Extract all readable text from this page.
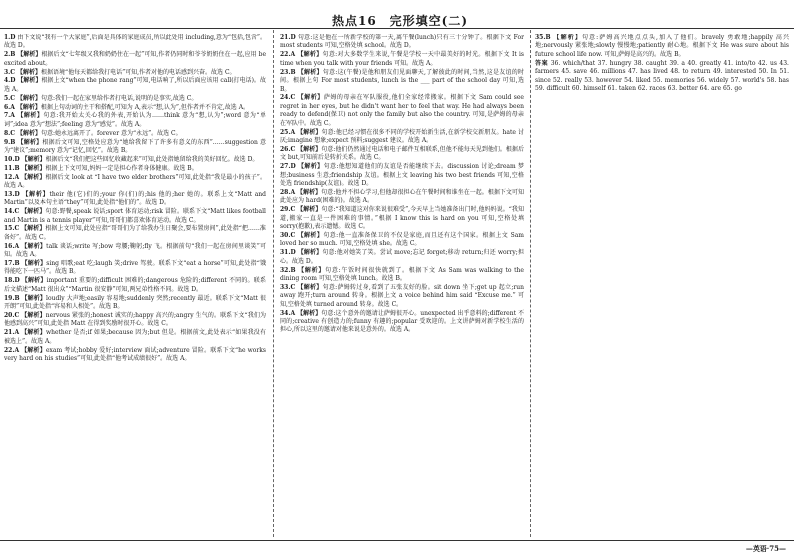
热点16　完形填空(二)

1.D 由下文说“我有一个大家庭”,后面是具体的家庭成员,所以此处用 including,意为“包括,包含”。故选 D。

2.B 【 解析 】 根据后文“七年级又我和奶奶住在一起”可知,作者仍同时和爷爷奶奶住在一起,应用 be excited about。

3.C 【 解析 】 根据语境“他每天都给我打电话”可知,作者对他的电话感到兴奋。故选 C。

4.D 【 解析 】 根据上文“when the phone rang”可知,电话响了,所以后面应该用 call(打电话)。故选 A。

5.C 【 解析 】 句意:我们一起在家里给作者打电话,说明的是事实,故选 C。

6.A 【 解析 】 根据上句动词的主干和搭配,可知为 A,表示“想,认为”,但作者并不肯定,故选 A。

7.A 【 解析 】 句意:我开始太关心我的外表,开始认为……think 意为“想,认为”;word 意为“单词”;idea 意为“想法”;feeling 意为“感觉”。故选 A。

8.C 【 解析 】 句意:她永远离开了。forever 意为“永远”。故选 C。

9.B 【 解析 】 根据后文可知,空格处应意为“她给我留下了许多有意义的东西”……suggestion 意为“建议”;memory 意为“记忆,回忆”。故选 B。

10.D 【 解析 】 根据后文“我们把这些回忆收藏起来”可知,此处指她留给我的美好回忆。故选 D。

11.B 【 解析 】 根据上下文可知,妈妈一定是担心作者身体健康。故选 B。

12.A 【 解析 】 根据后文 look at “I have two elder brothers”可知,此处指“我是最小的孩子”。故选 A。

13.D 【 解析 】 their 他(它)们的;your 你(们)的;his 他的;her 她的。联系上文“Matt and Martin”以及本句主语“they”可知,此处指“他们的”。故选 D。

14.C 【 解析 】 句意:野餐,speak 说话;sport 体育运动;risk 冒险。联系下文“Matt likes football and Martin is a tennis player”可知,哥哥们都喜欢体育运动。故选 C。

15.C 【 解析 】 根据上文可知,此处应指“哥哥们为了给我办生日聚会,要布置房间”,此处指“把……准备好”。故选 C。

16.A 【 解析 】 talk 谈话;write 写;bow 弯腰;鞠躬;fly 飞。根据前句“我们一起在房间里谈笑”可知。故选 A。

17.B 【 解析 】 sing 唱歌;eat 吃;laugh 笑;drive 驾驶。联系下文“eat a horse”可知,此处指“饿得能吃下一匹马”。故选 B。

18.D 【 解析 】 important 重要的;difficult 困难的;dangerous 危险的;different 不同的。联系后文描述“Matt 很出众”“Martin 很安静”可知,两兄弟性格不同。故选 D。

19.B 【 解析 】 loudly 大声地;easily 容易地;suddenly 突然;recently 最近。联系下文“Matt 很开朗”可知,此处指“容易和人相处”。故选 B。

20.C 【 解析 】 nervous 紧张的;honest 诚实的;happy 高兴的;angry 生气的。联系下文“我们为他感到高兴”可知,此处指 Matt 在得到奖励时很开心。故选 C。

21.A 【 解析 】 whether 是否;if 如果;because 因为;but 但是。根据前文,此处表示“如果我没有被选上”。故选 A。

22.A 【 解析 】 exam 考试;hobby 爱好;interview 面试;adventure 冒险。联系下文“he works very hard on his studies”可知,此处指“他考试成绩很好”。故选 A。

21.D 句意:这是他在一所新学校的第一天,离午餐(lunch)只有三十分钟了。根据下文 For most students 可知,空格处填 school。故选 D。

22.A 【 解析 】 句意:对大多数学生来说,午餐是学校一天中最美好的时光。根据下文 It is time when you talk with your friends 可知。故选 A。

23.B 【 解析 】 句意:这(午餐)是他和朋友们见面聊天,了解彼此的时间,当然,这是友谊的时间。根据上句 For most students, lunch is the ___ part of the school day 可知,选 B。

24.C 【 解析 】 萨姆的母亲在军队服役,他们全家经常搬家。根据下文 Sam could see regret in her eyes, but he didn't want her to feel that way. He had always been ready to defend(保卫) not only the family but also the country. 可知,是萨姆的母亲在军队中。故选 C。

25.A 【 解析 】 句意:他已经习惯在很多不同的学校开始新生活,在新学校交新朋友。hate 讨厌;imagine 想象;expect 预料;suggest 建议。故选 A。

26.C 【 解析 】 句意:他们仍然通过电话和电子邮件互相联系,但他不能每天见到他们。根据后文 but,可知前后是转折关系。故选 C。

27.D 【 解析 】 句意:他想知道他们的友谊是否能继续下去。discussion 讨论;dream 梦想;business 生意;friendship 友谊。根据上文 leaving his two best friends 可知,空格处选 friendship(友谊)。故选 D。

28.A 【 解析 】 句意:他并不担心学习,但他却很担心在午餐时间和谁坐在一起。根据下文可知此处应为 hard(困难的)。故选 A。

29.C 【 解析 】 句意:“我知道这对你来说很难受”,今天早上当她准备出门时,他妈妈说。“我知道,搬家一直是一件困难的事情。”根据 I know this is hard on you 可知,空格处填 sorry(抱歉),表示遗憾。故选 C。

30.C 【 解析 】 句意:他一直准备保卫的不仅是家庭,而且还有这个国家。根据上文 Sam loved her so much. 可知,空格处填 she。故选 C。

31.D 【 解析 】 句意:他对她笑了笑。尝试 move;忘记 forget;移动 return;归还 worry;担心。故选 D。

32.B 【 解析 】 句意:午饭时间很快就到了。根据下文 As Sam was walking to the dining room 可知,空格处填 lunch。故选 B。

33.C 【 解析 】 句意:萨姆转过身,看到了五张友好的脸。sit down 坐下;get up 起立;run away 跑开;turn around 转身。根据上文 a voice behind him said “Excuse me.” 可知,空格处填 turned around 转身。故选 C。

34.A 【 解析 】 句意:这个意外的邀请让萨姆很开心。unexpected 出乎意料的;different 不同的;creative 有创造力的;funny 有趣的;popular 受欢迎的。上文讲萨姆对新学校生活的担心,所以这里的邀请对他来说是意外的。故选 A。

35.B 【 解析 】 句意:萨姆高兴地点点头,加入了他们。bravely 勇敢地;happily 高兴地;nervously 紧张地;slowly 慢慢地;patiently 耐心地。根据下文 He was sure about his future school life now. 可知,萨姆是高兴的。故选 B。

答案 36. which/that 37. hungry 38. caught 39. a 40. greatly 41. into/to 42. us 43. farmers 45. save 46. millions 47. has lived 48. to return 49. interested 50. In 51. since 52. really 53. however 54. liked 55. memories 56. widely 57. world's 58. has 59. difficult 60. himself 61. taken 62. races 63. better 64. are 65. go

—英语·75—
